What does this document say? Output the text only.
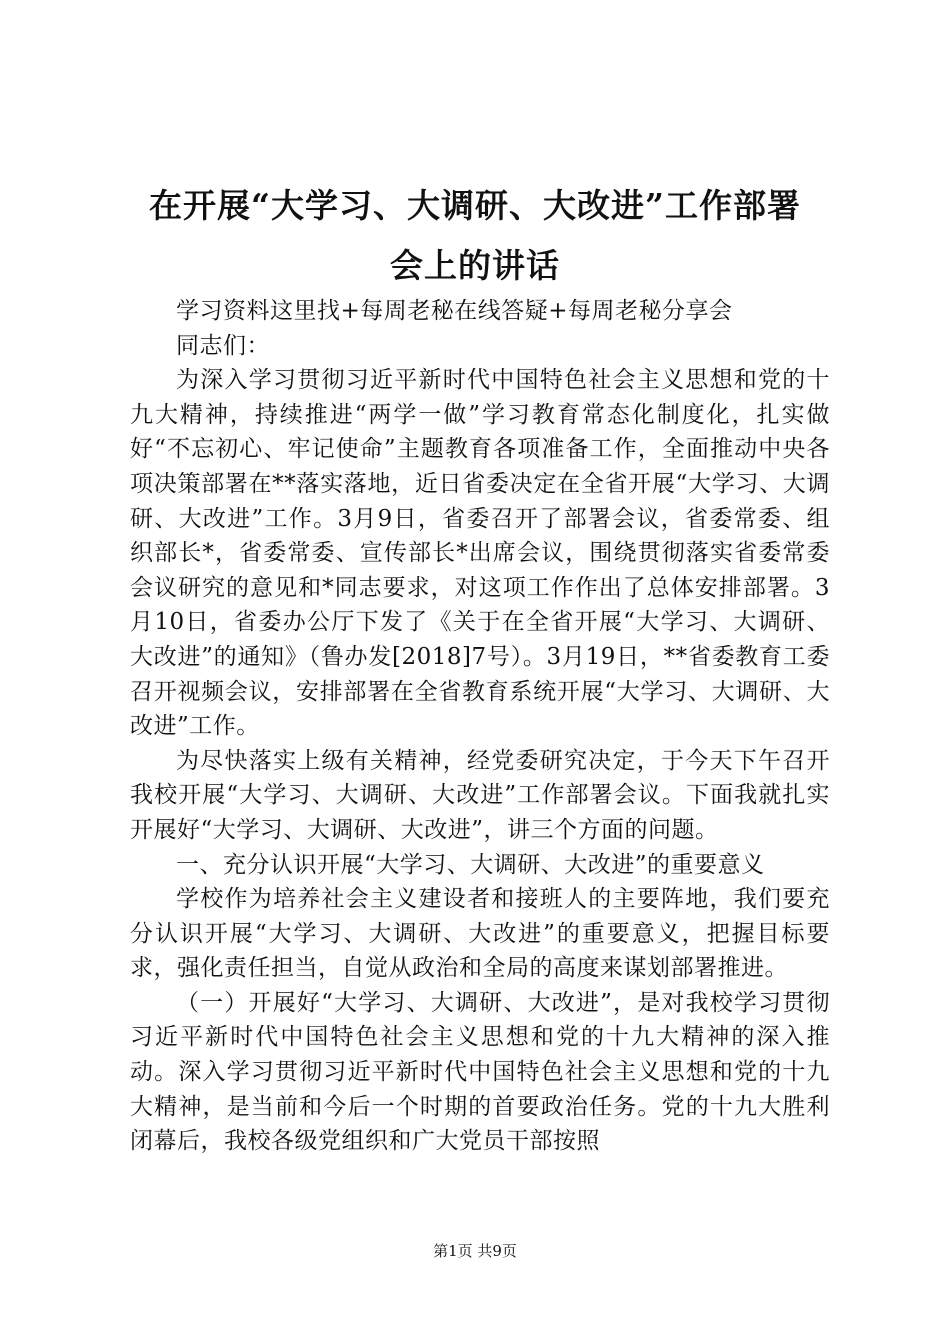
在开展“大学习、大调研、大改进”工作部署
会上的讲话

学习资料这里找+每周老秘在线答疑+每周老秘分享会

同志们：

为深入学习贯彻习近平新时代中国特色社会主义思想和党的十九大精神，持续推进“两学一做”学习教育常态化制度化，扎实做好“不忘初心、牢记使命”主题教育各项准备工作，全面推动中央各项决策部署在**落实落地，近日省委决定在全省开展“大学习、大调研、大改进”工作。3月9日，省委召开了部署会议，省委常委、组织部长*，省委常委、宣传部长*出席会议，围绕贯彻落实省委常委会议研究的意见和*同志要求，对这项工作作出了总体安排部署。3月10日，省委办公厅下发了《关于在全省开展“大学习、大调研、大改进”的通知》（鲁办发[2018]7号）。3月19日，**省委教育工委召开视频会议，安排部署在全省教育系统开展“大学习、大调研、大改进”工作。

为尽快落实上级有关精神，经党委研究决定，于今天下午召开我校开展“大学习、大调研、大改进”工作部署会议。下面我就扎实开展好“大学习、大调研、大改进”，讲三个方面的问题。

一、充分认识开展“大学习、大调研、大改进”的重要意义

学校作为培养社会主义建设者和接班人的主要阵地，我们要充分认识开展“大学习、大调研、大改进”的重要意义，把握目标要求，强化责任担当，自觉从政治和全局的高度来谋划部署推进。

（一）开展好“大学习、大调研、大改进”，是对我校学习贯彻习近平新时代中国特色社会主义思想和党的十九大精神的深入推动。深入学习贯彻习近平新时代中国特色社会主义思想和党的十九大精神，是当前和今后一个时期的首要政治任务。党的十九大胜利闭幕后，我校各级党组织和广大党员干部按照

第1页 共9页
